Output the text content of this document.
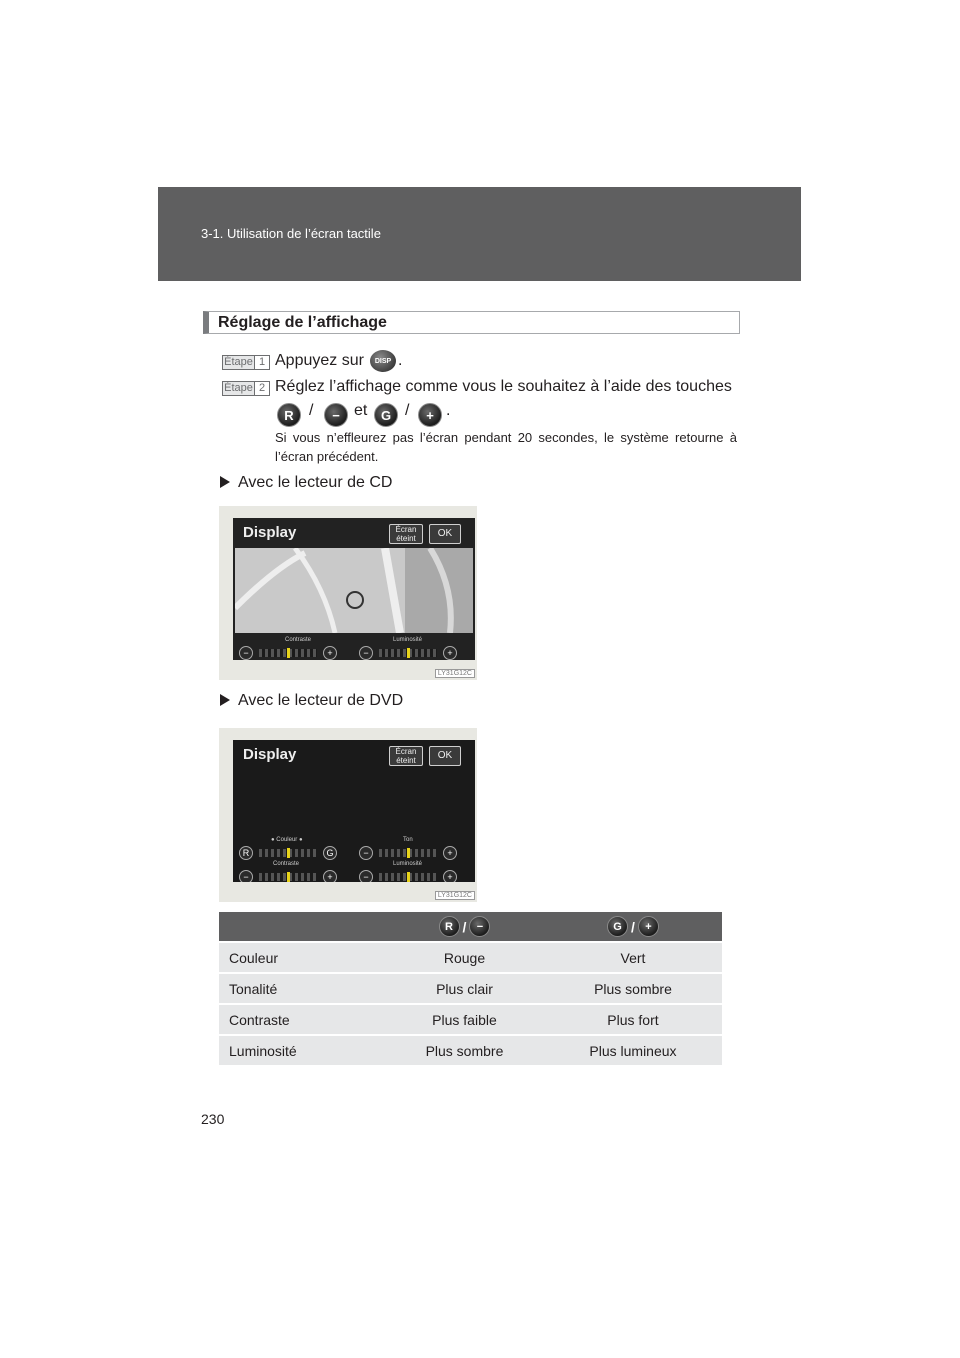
3-1. Utilisation de l’écran tactile
Réglage de l’affichage
Étape 1 Appuyez sur	DISP .
Étape 2 Réglez l’affichage comme vous le souhaitez à l’aide des touches
R /	− et	G /	+ .
Si vous n’effleurez pas l’écran pendant 20 secondes, le système retourne à l’écran précédent.
Avec le lecteur de CD
Display	Écran éteint	OK
Contraste	Luminosité
−	+	−	+
LY31G12C
Avec le lecteur de DVD
Display	Écran éteint	OK
● Couleur ●	Ton
R	G	−	+
Contraste	Luminosité
−	+	−	+
LY31G12C
	R / −	G / +
Couleur	Rouge	Vert
Tonalité	Plus clair	Plus sombre
Contraste	Plus faible	Plus fort
Luminosité	Plus sombre	Plus lumineux
230
